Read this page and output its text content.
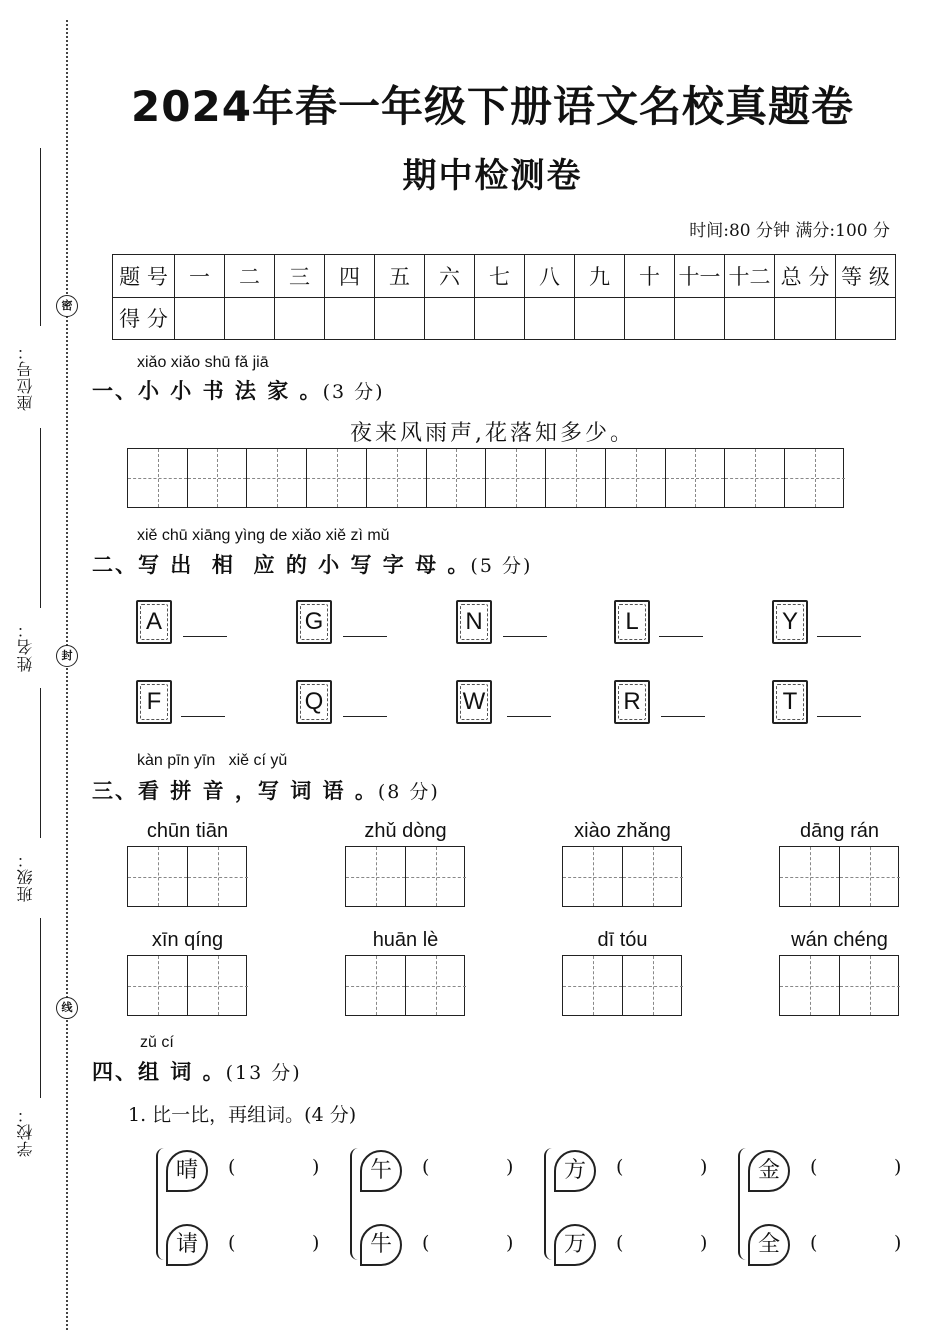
座位号：
姓名：
班级：
学校：
密
封
线
2024年春一年级下册语文名校真题卷
期中检测卷
时间:80 分钟 满分:100 分
题 号	一	二	三	四	五	六	七	八	九	十	十一	十二	总 分	等 级
得 分														
xiǎo xiǎo shū fǎ jiā
一、小 小 书 法 家 。(3 分)
夜来风雨声,花落知多少。
xiě chū xiāng yìng de xiǎo xiě zì mǔ
二、写 出  相  应 的 小 写 字 母 。(5 分)
A	G	N	L	Y
F	Q	W	R	T
kàn pīn yīn   xiě cí yǔ
三、看 拼 音 ，写 词 语 。(8 分)
chūn tiān	zhǔ dòng	xiào zhǎng	dāng rán
xīn qíng	huān lè	dī tóu	wán chéng
zǔ cí
四、组 词 。(13 分)
1. 比一比，再组词。(4 分)
晴	(	)
请	(	)
午	(	)
牛	(	)
方	(	)
万	(	)
金	(	)
全	(	)
